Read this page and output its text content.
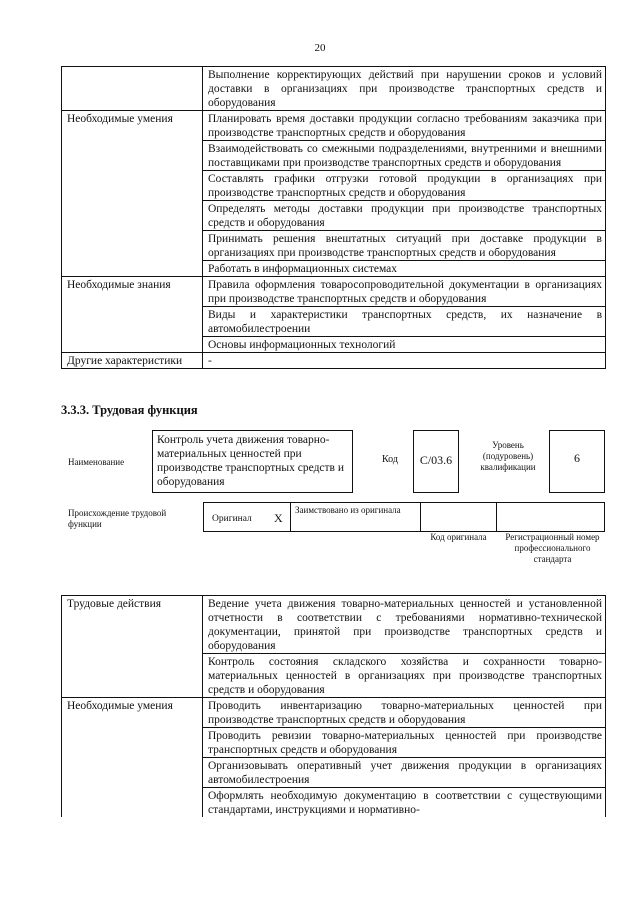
20
	Выполнение корректирующих действий при нарушении сроков и условий доставки в организациях при производстве транспортных средств и оборудования
Необходимые умения	Планировать время доставки продукции согласно требованиям заказчика при производстве транспортных средств и оборудования
	Взаимодействовать со смежными подразделениями, внутренними и внешними поставщиками при производстве транспортных средств и оборудования
	Составлять графики отгрузки готовой продукции в организациях при производстве транспортных средств и оборудования
	Определять методы доставки продукции при производстве транспортных средств и оборудования
	Принимать решения внештатных ситуаций при доставке продукции в организациях при производстве транспортных средств и оборудования
	Работать в информационных системах
Необходимые знания	Правила оформления товаросопроводительной документации в организациях при производстве транспортных средств и оборудования
	Виды и характеристики транспортных средств, их назначение в автомобилестроении
	Основы информационных технологий
Другие характеристики	-
3.3.3. Трудовая функция
Наименование
Контроль учета движения товарно-материальных ценностей при производстве транспортных средств и оборудования
Код	С/03.6
Уровень (подуровень) квалификации
6
Происхождение трудовой функции	Оригинал X
Заимствовано из оригинала
Код оригинала	Регистрационный номер профессионального стандарта
Трудовые действия	Ведение учета движения товарно-материальных ценностей и установленной отчетности в соответствии с требованиями нормативно-технической документации, принятой при производстве транспортных средств и оборудования
	Контроль состояния складского хозяйства и сохранности товарно-материальных ценностей в организациях при производстве транспортных средств и оборудования
Необходимые умения	Проводить инвентаризацию товарно-материальных ценностей при производстве транспортных средств и оборудования
	Проводить ревизии товарно-материальных ценностей при производстве транспортных средств и оборудования
	Организовывать оперативный учет движения продукции в организациях автомобилестроения
	Оформлять необходимую документацию в соответствии с существующими стандартами, инструкциями и нормативно-
